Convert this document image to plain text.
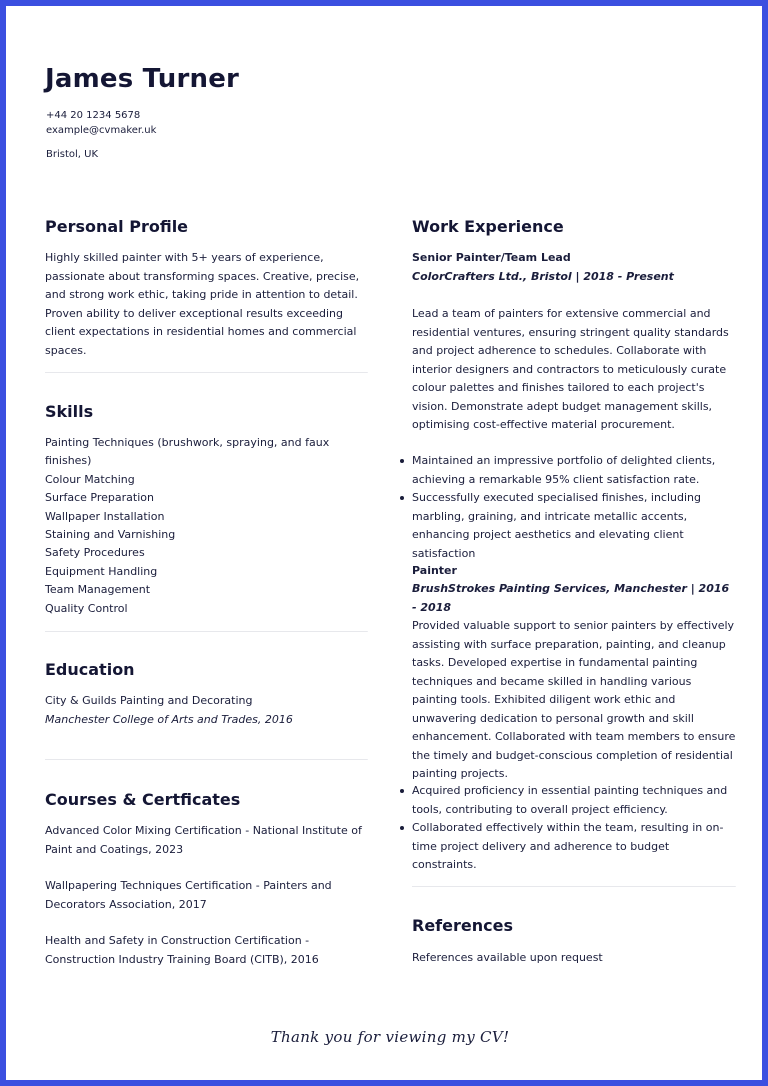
James Turner
+44 20 1234 5678
example@cvmaker.uk
Bristol, UK
Personal Profile
Highly skilled painter with 5+ years of experience, passionate about transforming spaces. Creative, precise, and strong work ethic, taking pride in attention to detail. Proven ability to deliver exceptional results exceeding client expectations in residential homes and commercial spaces.
Skills
Painting Techniques (brushwork, spraying, and faux finishes)
Colour Matching
Surface Preparation
Wallpaper Installation
Staining and Varnishing
Safety Procedures
Equipment Handling
Team Management
Quality Control
Education
City & Guilds Painting and Decorating
Manchester College of Arts and Trades, 2016
Courses & Certficates
Advanced Color Mixing Certification - National Institute of Paint and Coatings, 2023
Wallpapering Techniques Certification - Painters and Decorators Association, 2017
Health and Safety in Construction Certification - Construction Industry Training Board (CITB), 2016
Work Experience
Senior Painter/Team Lead
ColorCrafters Ltd., Bristol | 2018 - Present
Lead a team of painters for extensive commercial and residential ventures, ensuring stringent quality standards and project adherence to schedules. Collaborate with interior designers and contractors to meticulously curate colour palettes and finishes tailored to each project's vision. Demonstrate adept budget management skills, optimising cost-effective material procurement.
Maintained an impressive portfolio of delighted clients, achieving a remarkable 95% client satisfaction rate.
Successfully executed specialised finishes, including marbling, graining, and intricate metallic accents, enhancing project aesthetics and elevating client satisfaction
Painter
BrushStrokes Painting Services, Manchester | 2016 - 2018
Provided valuable support to senior painters by effectively assisting with surface preparation, painting, and cleanup tasks. Developed expertise in fundamental painting techniques and became skilled in handling various painting tools. Exhibited diligent work ethic and unwavering dedication to personal growth and skill enhancement. Collaborated with team members to ensure the timely and budget-conscious completion of residential painting projects.
Acquired proficiency in essential painting techniques and tools, contributing to overall project efficiency.
Collaborated effectively within the team, resulting in on-time project delivery and adherence to budget constraints.
References
References available upon request
Thank you for viewing my CV!
